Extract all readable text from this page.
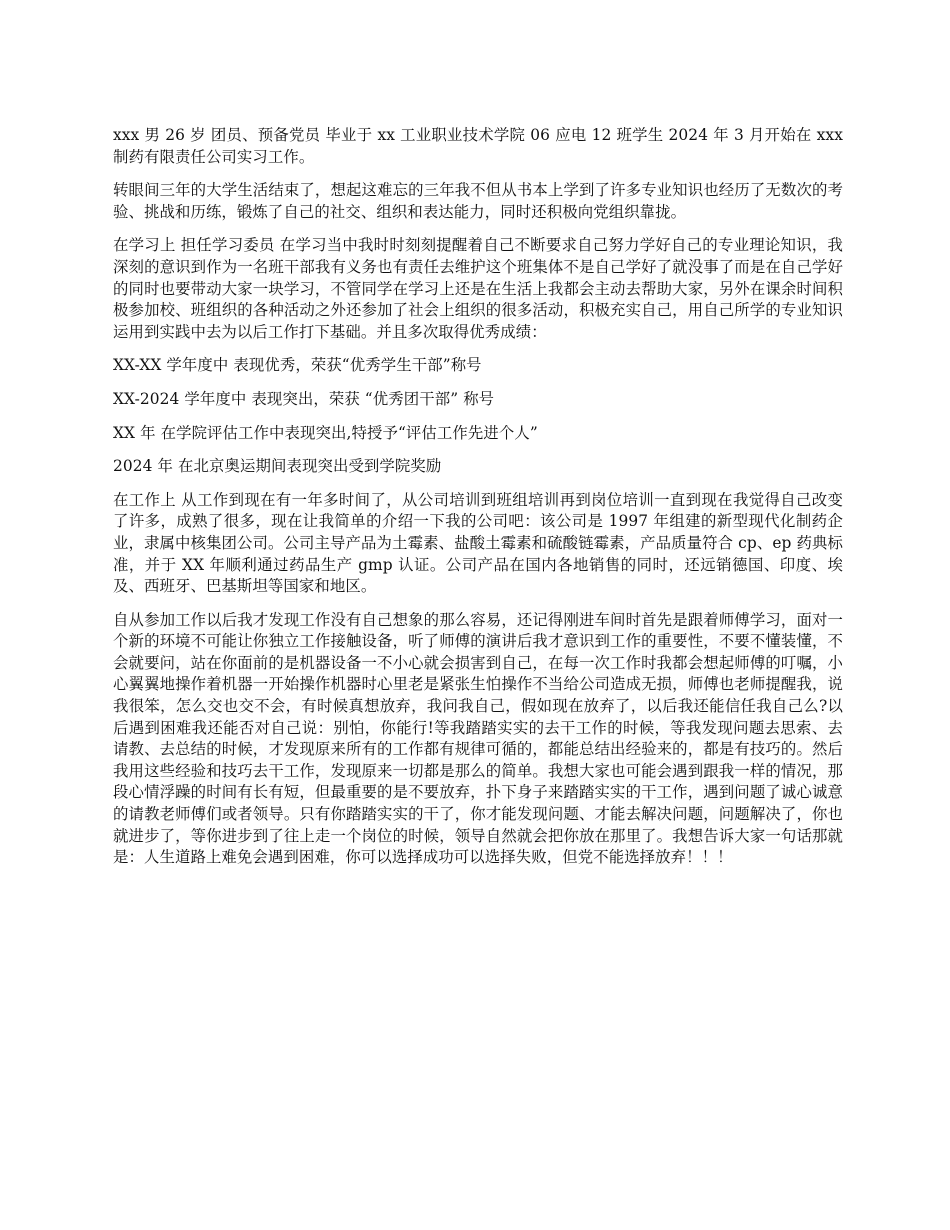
xxx 男 26 岁 团员、预备党员 毕业于 xx 工业职业技术学院 06 应电 12 班学生 2024 年 3 月开始在 xxx 制药有限责任公司实习工作。

转眼间三年的大学生活结束了，想起这难忘的三年我不但从书本上学到了许多专业知识也经历了无数次的考验、挑战和历练，锻炼了自己的社交、组织和表达能力，同时还积极向党组织靠拢。

在学习上 担任学习委员 在学习当中我时时刻刻提醒着自己不断要求自己努力学好自己的专业理论知识，我深刻的意识到作为一名班干部我有义务也有责任去维护这个班集体不是自己学好了就没事了而是在自己学好的同时也要带动大家一块学习，不管同学在学习上还是在生活上我都会主动去帮助大家，另外在课余时间积极参加校、班组织的各种活动之外还参加了社会上组织的很多活动，积极充实自己，用自己所学的专业知识运用到实践中去为以后工作打下基础。并且多次取得优秀成绩：

XX-XX 学年度中 表现优秀，荣获“优秀学生干部”称号

XX-2024 学年度中 表现突出，荣获 “优秀团干部” 称号

XX 年 在学院评估工作中表现突出,特授予“评估工作先进个人”

2024 年 在北京奥运期间表现突出受到学院奖励

在工作上 从工作到现在有一年多时间了，从公司培训到班组培训再到岗位培训一直到现在我觉得自己改变了许多，成熟了很多，现在让我简单的介绍一下我的公司吧：该公司是 1997 年组建的新型现代化制药企业，隶属中核集团公司。公司主导产品为土霉素、盐酸土霉素和硫酸链霉素，产品质量符合 cp、ep 药典标准，并于 XX 年顺利通过药品生产 gmp 认证。公司产品在国内各地销售的同时，还远销德国、印度、埃及、西班牙、巴基斯坦等国家和地区。

自从参加工作以后我才发现工作没有自己想象的那么容易，还记得刚进车间时首先是跟着师傅学习，面对一个新的环境不可能让你独立工作接触设备，听了师傅的演讲后我才意识到工作的重要性，不要不懂装懂，不会就要问，站在你面前的是机器设备一不小心就会损害到自己，在每一次工作时我都会想起师傅的叮嘱，小心翼翼地操作着机器一开始操作机器时心里老是紧张生怕操作不当给公司造成无损，师傅也老师提醒我，说我很笨，怎么交也交不会，有时候真想放弃，我问我自己，假如现在放弃了，以后我还能信任我自己么?以后遇到困难我还能否对自己说：别怕，你能行!等我踏踏实实的去干工作的时候，等我发现问题去思索、去请教、去总结的时候，才发现原来所有的工作都有规律可循的，都能总结出经验来的，都是有技巧的。然后我用这些经验和技巧去干工作，发现原来一切都是那么的简单。我想大家也可能会遇到跟我一样的情况，那段心情浮躁的时间有长有短，但最重要的是不要放弃，扑下身子来踏踏实实的干工作，遇到问题了诚心诚意的请教老师傅们或者领导。只有你踏踏实实的干了，你才能发现问题、才能去解决问题，问题解决了，你也就进步了，等你进步到了往上走一个岗位的时候，领导自然就会把你放在那里了。我想告诉大家一句话那就是：人生道路上难免会遇到困难，你可以选择成功可以选择失败，但党不能选择放弃！！！
